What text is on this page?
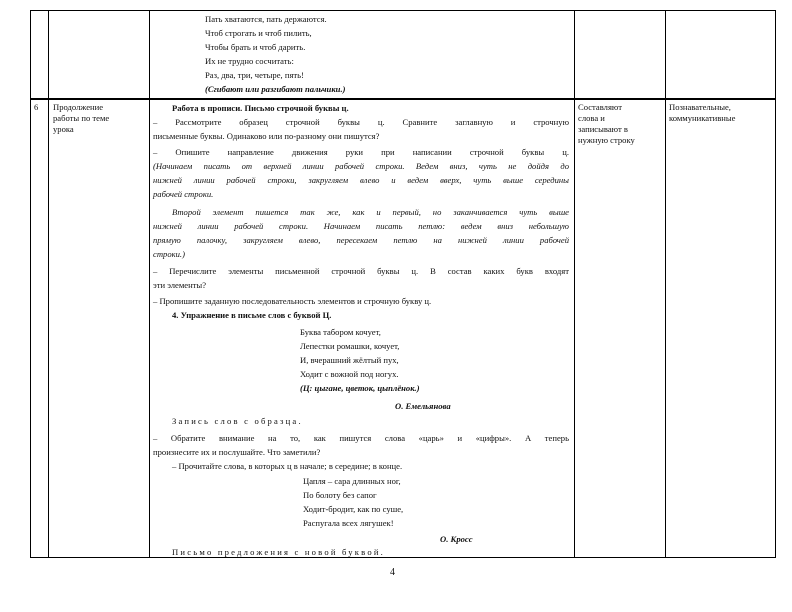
Пать хватаются, пать держаются.
Чтоб строгать и чтоб пилить,
Чтобы брать и чтоб дарить.
Их не трудно сосчитать:
Раз, два, три, четыре, пять!
(Сгибают или разгибают пальчики.)
6 Продолжение
работы по теме
урока
Составляют
слова и
записывают в
нужную строку
Познавательные,
коммуникативные
Работа в прописи. Письмо строчной буквы ц.
– Рассмотрите образец строчной буквы ц. Сравните заглавную и строчную
письменные буквы. Одинаково или по-разному они пишутся?
– Опишите направление движения руки при написании строчной буквы ц.
(Начинаем писать от верхней линии рабочей строки. Ведем вниз, чуть не дойдя до
нижней линии рабочей строки, закругляем влево и ведем вверх, чуть выше середины
рабочей строки.
Второй элемент пишется так же, как и первый, но заканчивается чуть выше
нижней линии рабочей строки. Начинаем писать петлю: ведем вниз небольшую
прямую палочку, закругляем влево, пересекаем петлю на нижней линии рабочей
строки.)
– Перечислите элементы письменной строчной буквы ц. В состав каких букв входят
эти элементы?
– Пропишите заданную последовательность элементов и строчную букву ц.
4. Упражнение в письме слов с буквой Ц.
Буква табором кочует,
Лепестки ромашки, кочует,
И, вчерашний жёлтый пух,
Ходит с вожной под ногух.
(Ц: цыгане, цветок, цыплёнок.)
О. Емельянова
Запись слов с образца.
– Обратите внимание на то, как пишутся слова «царь» и «цифры». А теперь
произнесите их и послушайте. Что заметили?
– Прочитайте слова, в которых ц в начале; в середине; в конце.
Цапля – сара длинных ног,
По болоту без сапог
Ходит-бродит, как по суше,
Распугала всех лягушек!
О. Кросс
Письмо предложения с новой буквой.
4
